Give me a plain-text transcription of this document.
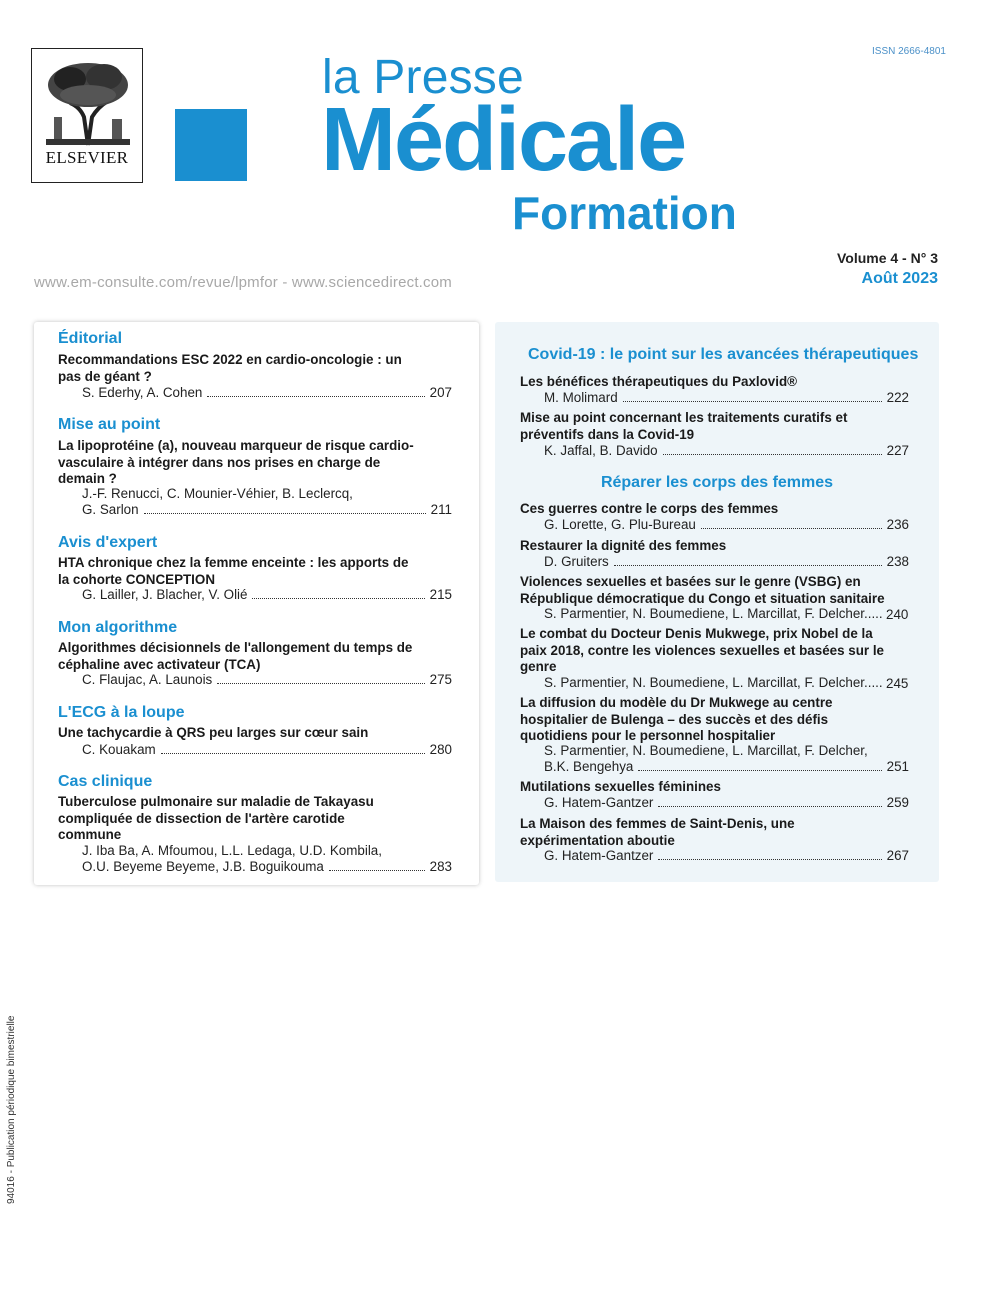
ELSEVIER
la Presse
Médicale
Formation
ISSN 2666-4801
Volume 4 - N° 3
Août 2023
www.em-consulte.com/revue/lpmfor - www.sciencedirect.com
94016 - Publication périodique bimestrielle
Éditorial
Recommandations ESC 2022 en cardio-oncologie : un pas de géant ?
S. Ederhy, A. Cohen	207
Mise au point
La lipoprotéine (a), nouveau marqueur de risque cardio-vasculaire à intégrer dans nos prises en charge de demain ?
J.-F. Renucci, C. Mounier-Véhier, B. Leclercq,
G. Sarlon	211
Avis d'expert
HTA chronique chez la femme enceinte : les apports de la cohorte CONCEPTION
G. Lailler, J. Blacher, V. Olié	215
Mon algorithme
Algorithmes décisionnels de l'allongement du temps de céphaline avec activateur (TCA)
C. Flaujac, A. Launois	275
L'ECG à la loupe
Une tachycardie à QRS peu larges sur cœur sain
C. Kouakam	280
Cas clinique
Tuberculose pulmonaire sur maladie de Takayasu compliquée de dissection de l'artère carotide commune
J. Iba Ba, A. Mfoumou, L.L. Ledaga, U.D. Kombila,
O.U. Beyeme Beyeme, J.B. Boguikouma	283
Covid-19 : le point sur les avancées thérapeutiques
Les bénéfices thérapeutiques du Paxlovid®
M. Molimard	222
Mise au point concernant les traitements curatifs et préventifs dans la Covid-19
K. Jaffal, B. Davido	227
Réparer les corps des femmes
Ces guerres contre le corps des femmes
G. Lorette, G. Plu-Bureau	236
Restaurer la dignité des femmes
D. Gruiters	238
Violences sexuelles et basées sur le genre (VSBG) en République démocratique du Congo et situation sanitaire
S. Parmentier, N. Boumediene, L. Marcillat, F. Delcher..... 240
Le combat du Docteur Denis Mukwege, prix Nobel de la paix 2018, contre les violences sexuelles et basées sur le genre
S. Parmentier, N. Boumediene, L. Marcillat, F. Delcher..... 245
La diffusion du modèle du Dr Mukwege au centre hospitalier de Bulenga – des succès et des défis quotidiens pour le personnel hospitalier
S. Parmentier, N. Boumediene, L. Marcillat, F. Delcher,
B.K. Bengehya	251
Mutilations sexuelles féminines
G. Hatem-Gantzer	259
La Maison des femmes de Saint-Denis, une expérimentation aboutie
G. Hatem-Gantzer	267
